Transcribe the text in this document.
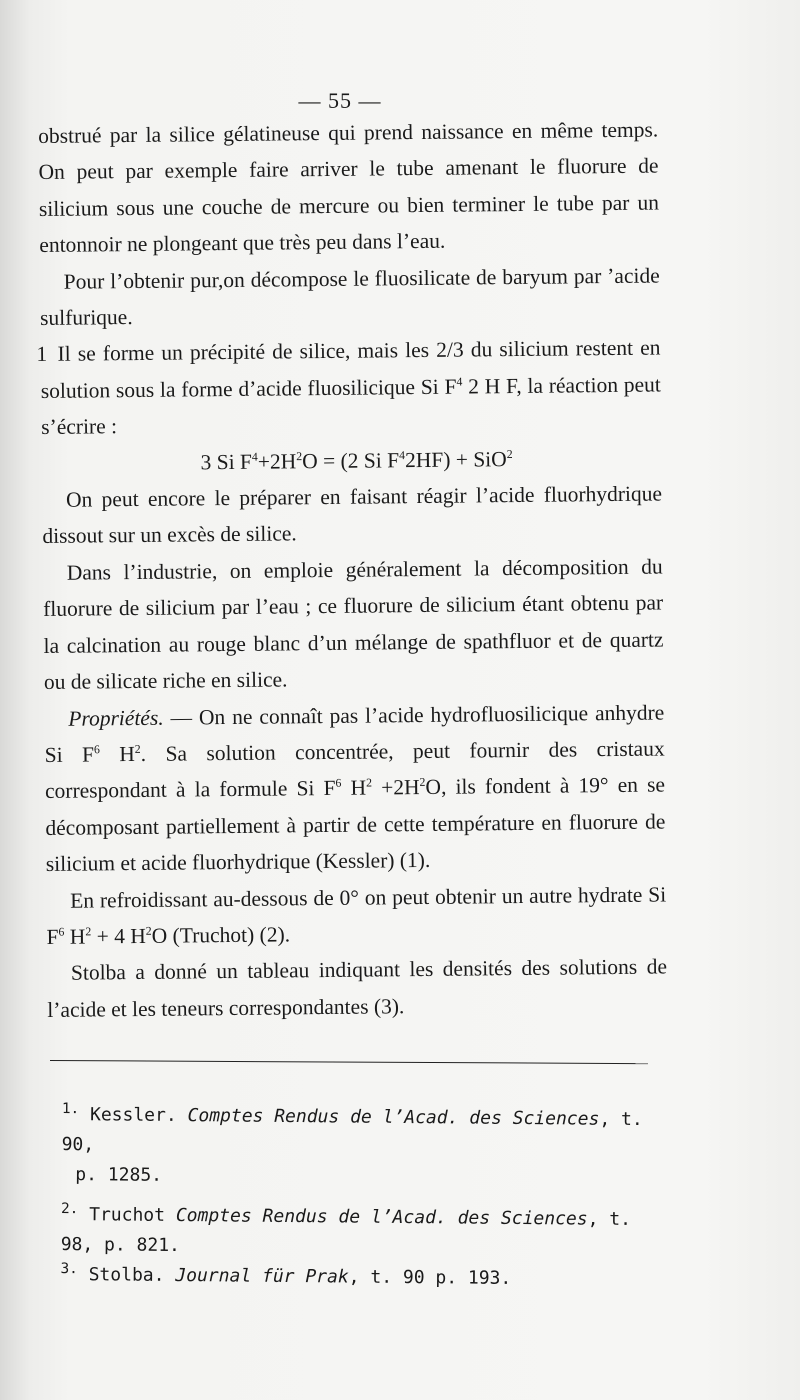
— 55 —

obstrué par la silice gélatineuse qui prend naissance en même temps. On peut par exemple faire arriver le tube amenant le fluorure de silicium sous une couche de mercure ou bien terminer le tube par un entonnoir ne plongeant que très peu dans l’eau.

Pour l’obtenir pur,on décompose le fluosilicate de baryum par ’acide sulfurique.

1 Il se forme un précipité de silice, mais les 2/3 du silicium restent en solution sous la forme d’acide fluosilicique Si $F^4$ 2 H F, la réaction peut s’écrire :

3 Si $F^4+2H^2O = (2$ Si $F^42HF) + SiO^2$

On peut encore le préparer en faisant réagir l’acide fluorhydrique dissout sur un excès de silice.

Dans l’industrie, on emploie généralement la décomposition du fluorure de silicium par l’eau ; ce fluorure de silicium étant obtenu par la calcination au rouge blanc d’un mélange de spathfluor et de quartz ou de silicate riche en silice.

Propriétés. — On ne connaît pas l’acide hydrofluosilicique anhydre Si $F^6$ $H^2$. Sa solution concentrée, peut fournir des cristaux correspondant à la formule Si $F^6$ $H^2 +2H^2O$, ils fondent à 19° en se décomposant partiellement à partir de cette température en fluorure de silicium et acide fluorhydrique (Kessler) (1).

En refroidissant au-dessous de 0° on peut obtenir un autre hydrate Si $F^6$ $H^2 + 4$ $H^2O$ (Truchot) (2).

Stolba a donné un tableau indiquant les densités des solutions de l’acide et les teneurs correspondantes (3).

$^{1.}$ Kessler. Comptes Rendus de l’Acad. des Sciences, t. 90,

p. 1285.

$^{2.}$ Truchot Comptes Rendus de l’Acad. des Sciences, t. 98, p. 821.

$^{3.}$ Stolba. Journal für Prak, t. 90 p. 193.
